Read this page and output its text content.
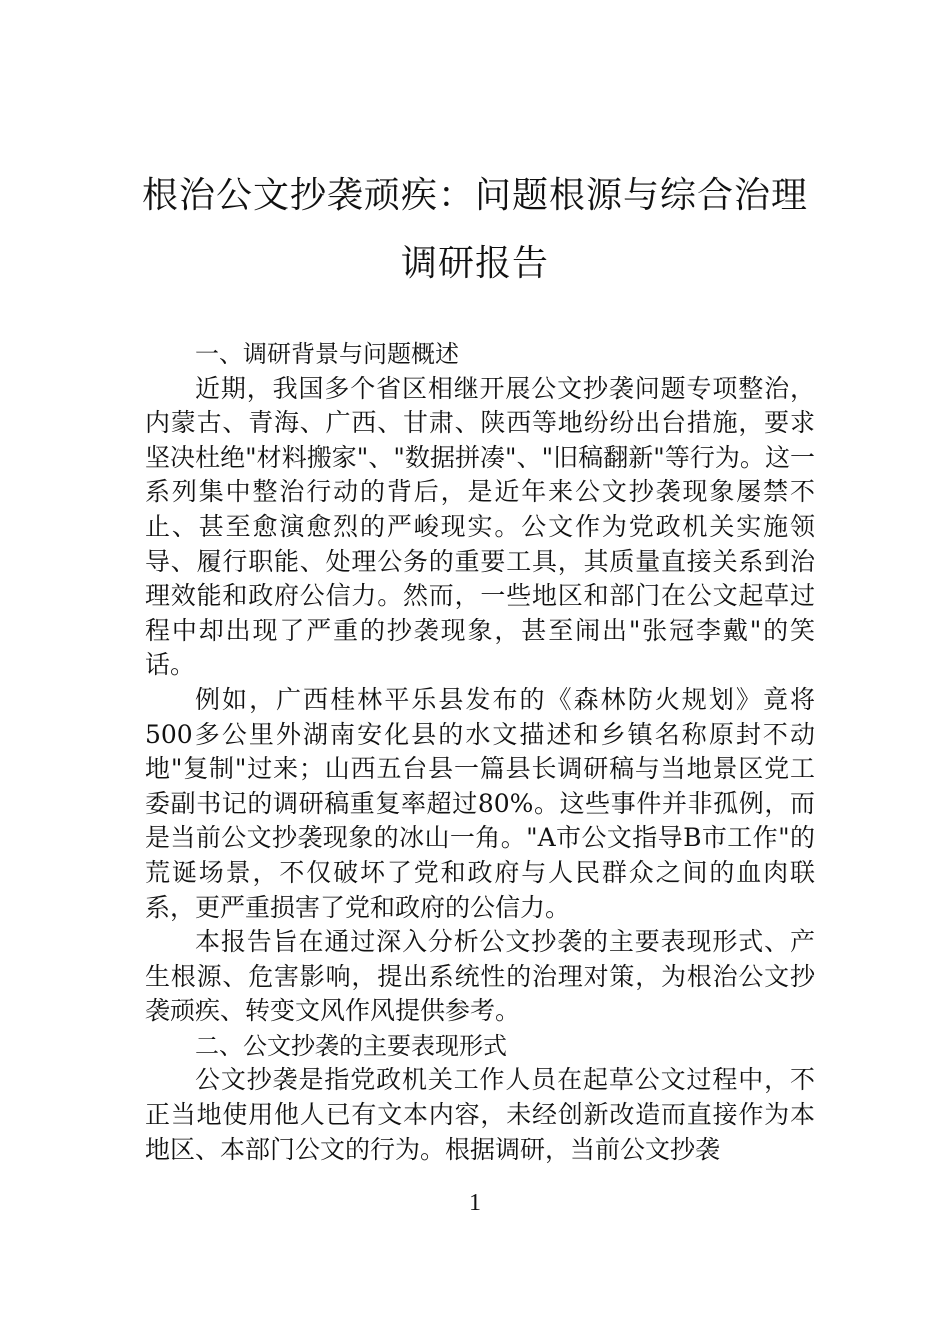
根治公文抄袭顽疾：问题根源与综合治理
调研报告
一、调研背景与问题概述

近期，我国多个省区相继开展公文抄袭问题专项整治，内蒙古、青海、广西、甘肃、陕西等地纷纷出台措施，要求坚决杜绝"材料搬家"、"数据拼凑"、"旧稿翻新"等行为。这一系列集中整治行动的背后，是近年来公文抄袭现象屡禁不止、甚至愈演愈烈的严峻现实。公文作为党政机关实施领导、履行职能、处理公务的重要工具，其质量直接关系到治理效能和政府公信力。然而，一些地区和部门在公文起草过程中却出现了严重的抄袭现象，甚至闹出"张冠李戴"的笑话。

例如，广西桂林平乐县发布的《森林防火规划》竟将500多公里外湖南安化县的水文描述和乡镇名称原封不动地"复制"过来；山西五台县一篇县长调研稿与当地景区党工委副书记的调研稿重复率超过80%。这些事件并非孤例，而是当前公文抄袭现象的冰山一角。"A市公文指导B市工作"的荒诞场景，不仅破坏了党和政府与人民群众之间的血肉联系，更严重损害了党和政府的公信力。

本报告旨在通过深入分析公文抄袭的主要表现形式、产生根源、危害影响，提出系统性的治理对策，为根治公文抄袭顽疾、转变文风作风提供参考。

二、公文抄袭的主要表现形式

公文抄袭是指党政机关工作人员在起草公文过程中，不正当地使用他人已有文本内容，未经创新改造而直接作为本地区、本部门公文的行为。根据调研，当前公文抄袭

1
